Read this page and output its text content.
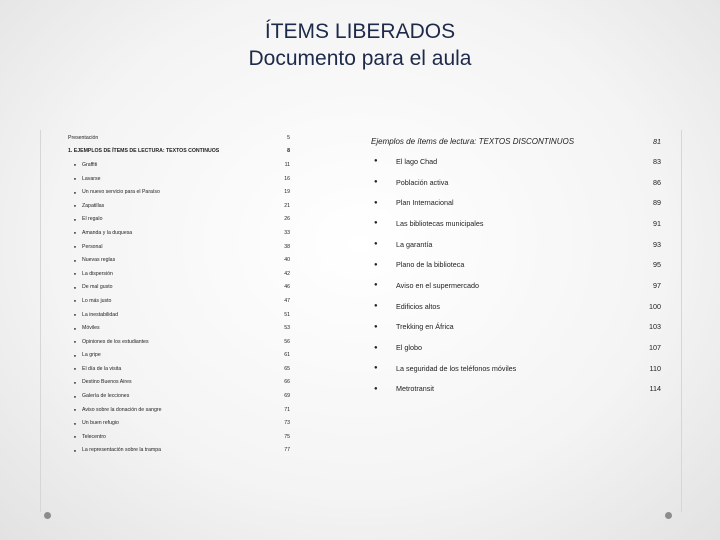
ÍTEMS LIBERADOS
Documento para el aula
Presentación	5
1. EJEMPLOS DE ÍTEMS DE LECTURA: TEXTOS CONTINUOS	8
●	Graffiti	11
●	Lavarse	16
●	Un nuevo servicio para el Paraíso	19
●	Zapatillas	21
●	El regalo	26
●	Amanda y la duquesa	33
●	Personal	38
●	Nuevas reglas	40
●	La dispersión	42
●	De mal gusto	46
●	Lo más justo	47
●	La inestabilidad	51
●	Móviles	53
●	Opiniones de los estudiantes	56
●	La gripe	61
●	El día de la visita	65
●	Destino Buenos Aires	66
●	Galería de lecciones	69
●	Aviso sobre la donación de sangre	71
●	Un buen refugio	73
●	Telecentro	75
●	La representación sobre la trampa	77
Ejemplos de ítems de lectura: TEXTOS DISCONTINUOS	81
●	El lago Chad	83
●	Población activa	86
●	Plan Internacional	89
●	Las bibliotecas municipales	91
●	La garantía	93
●	Plano de la biblioteca	95
●	Aviso en el supermercado	97
●	Edificios altos	100
●	Trekking en África	103
●	El globo	107
●	La seguridad de los teléfonos móviles	110
●	Metrotransit	114
